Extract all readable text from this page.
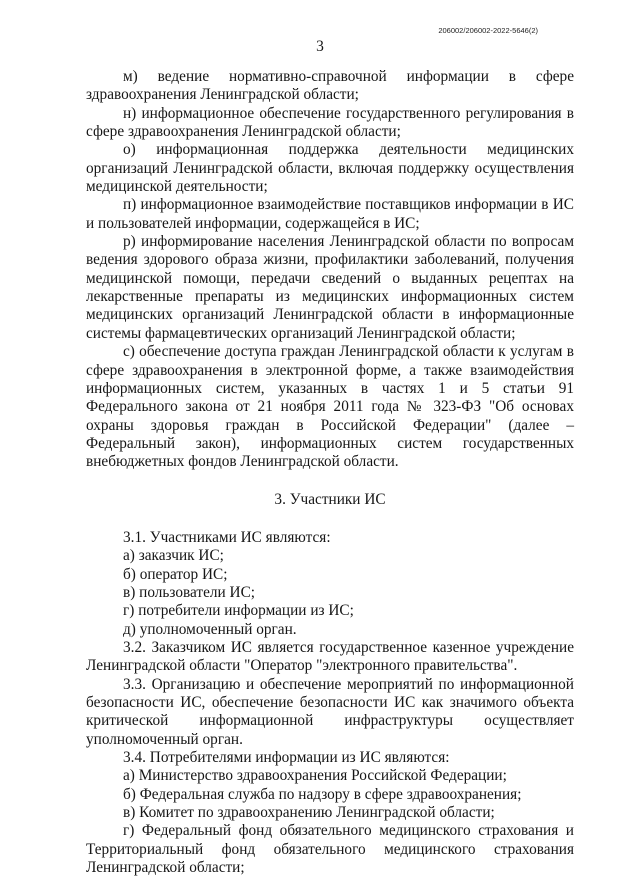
206002/206002-2022-5646(2)
3

м) ведение нормативно-справочной информации в сфере здравоохранения Ленинградской области;

н) информационное обеспечение государственного регулирования в сфере здравоохранения Ленинградской области;

о) информационная поддержка деятельности медицинских организаций Ленинградской области, включая поддержку осуществления медицинской деятельности;

п) информационное взаимодействие поставщиков информации в ИС и пользователей информации, содержащейся в ИС;

р) информирование населения Ленинградской области по вопросам ведения здорового образа жизни, профилактики заболеваний, получения медицинской помощи, передачи сведений о выданных рецептах на лекарственные препараты из медицинских информационных систем медицинских организаций Ленинградской области в информационные системы фармацевтических организаций Ленинградской области;

с) обеспечение доступа граждан Ленинградской области к услугам в сфере здравоохранения в электронной форме, а также взаимодействия информационных систем, указанных в частях 1 и 5 статьи 91 Федерального закона от 21 ноября 2011 года № 323-ФЗ "Об основах охраны здоровья граждан в Российской Федерации" (далее – Федеральный закон), информационных систем государственных внебюджетных фондов Ленинградской области.

3. Участники ИС

3.1. Участниками ИС являются:

а) заказчик ИС;

б) оператор ИС;

в) пользователи ИС;

г) потребители информации из ИС;

д) уполномоченный орган.

3.2. Заказчиком ИС является государственное казенное учреждение Ленинградской области "Оператор "электронного правительства".

3.3. Организацию и обеспечение мероприятий по информационной безопасности ИС, обеспечение безопасности ИС как значимого объекта критической информационной инфраструктуры осуществляет уполномоченный орган.

3.4. Потребителями информации из ИС являются:

а) Министерство здравоохранения Российской Федерации;

б) Федеральная служба по надзору в сфере здравоохранения;

в) Комитет по здравоохранению Ленинградской области;

г) Федеральный фонд обязательного медицинского страхования и Территориальный фонд обязательного медицинского страхования Ленинградской области;
